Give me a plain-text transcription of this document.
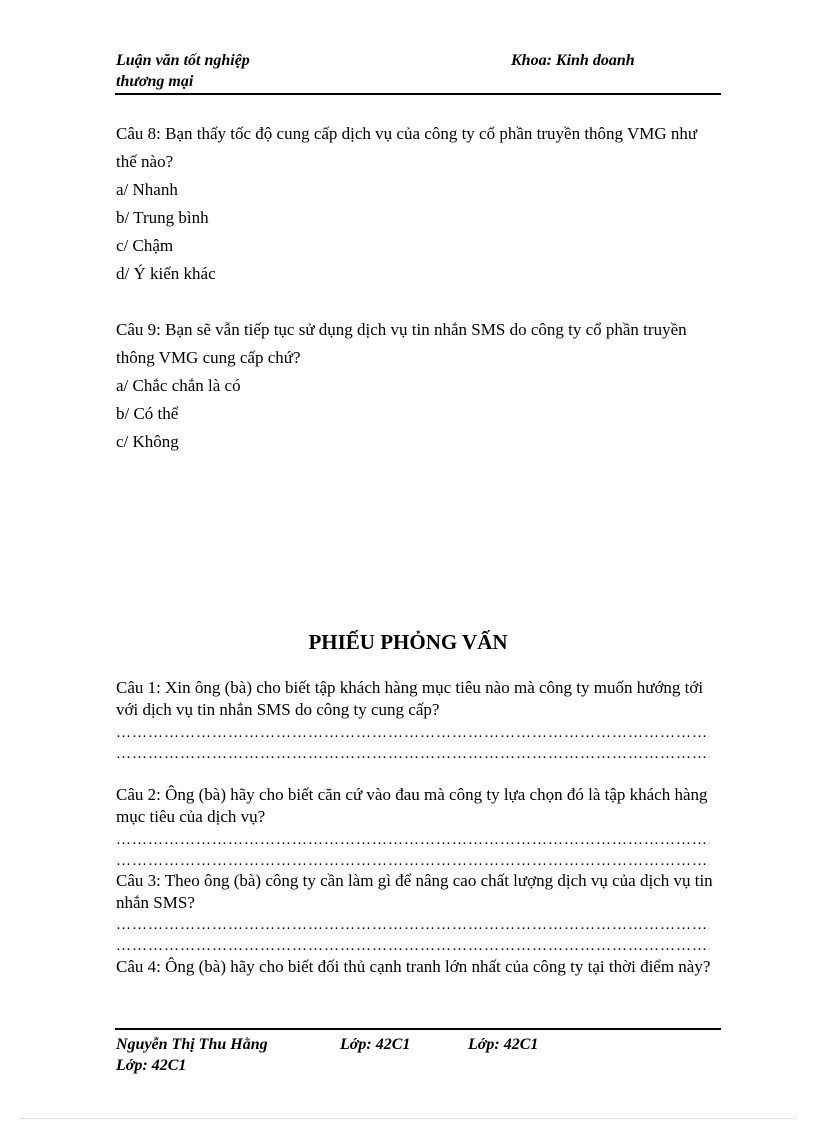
Luận văn tốt nghiệp
thương mại
Khoa: Kinh doanh
Câu 8: Bạn thấy tốc độ cung cấp dịch vụ của công ty cổ phần truyền thông VMG như thế nào?
a/ Nhanh
b/ Trung bình
c/ Chậm
d/ Ý kiến khác
Câu 9: Bạn sẽ vẫn tiếp tục sử dụng dịch vụ tin nhắn SMS do công ty cổ phần truyền thông VMG cung cấp chứ?
a/ Chắc chắn là có
b/ Có thể
c/ Không
PHIẾU PHỎNG VẤN
Câu 1: Xin ông (bà) cho biết tập khách hàng mục tiêu nào mà công ty muốn hướng tới với dịch vụ tin nhắn SMS do công ty cung cấp?
…………………………………………………………………………………………………………………………
…………………………………………………………………………………………………………………………
Câu 2: Ông (bà) hãy cho biết căn cứ vào đau mà công ty lựa chọn đó là tập khách hàng mục tiêu của dịch vụ?
…………………………………………………………………………………………………………………………
…………………………………………………………………………………………………………………………
Câu 3: Theo ông (bà) công ty cần làm gì để nâng cao chất lượng dịch vụ của dịch vụ tin nhắn SMS?
…………………………………………………………………………………………………………………………
…………………………………………………………………………………………………………………………
Câu 4: Ông (bà) hãy cho biết đối thủ cạnh tranh lớn nhất của công ty tại thời điểm này?
Nguyễn Thị Thu Hằng	Lớp: 42C1	Lớp: 42C1
Lớp: 42C1
